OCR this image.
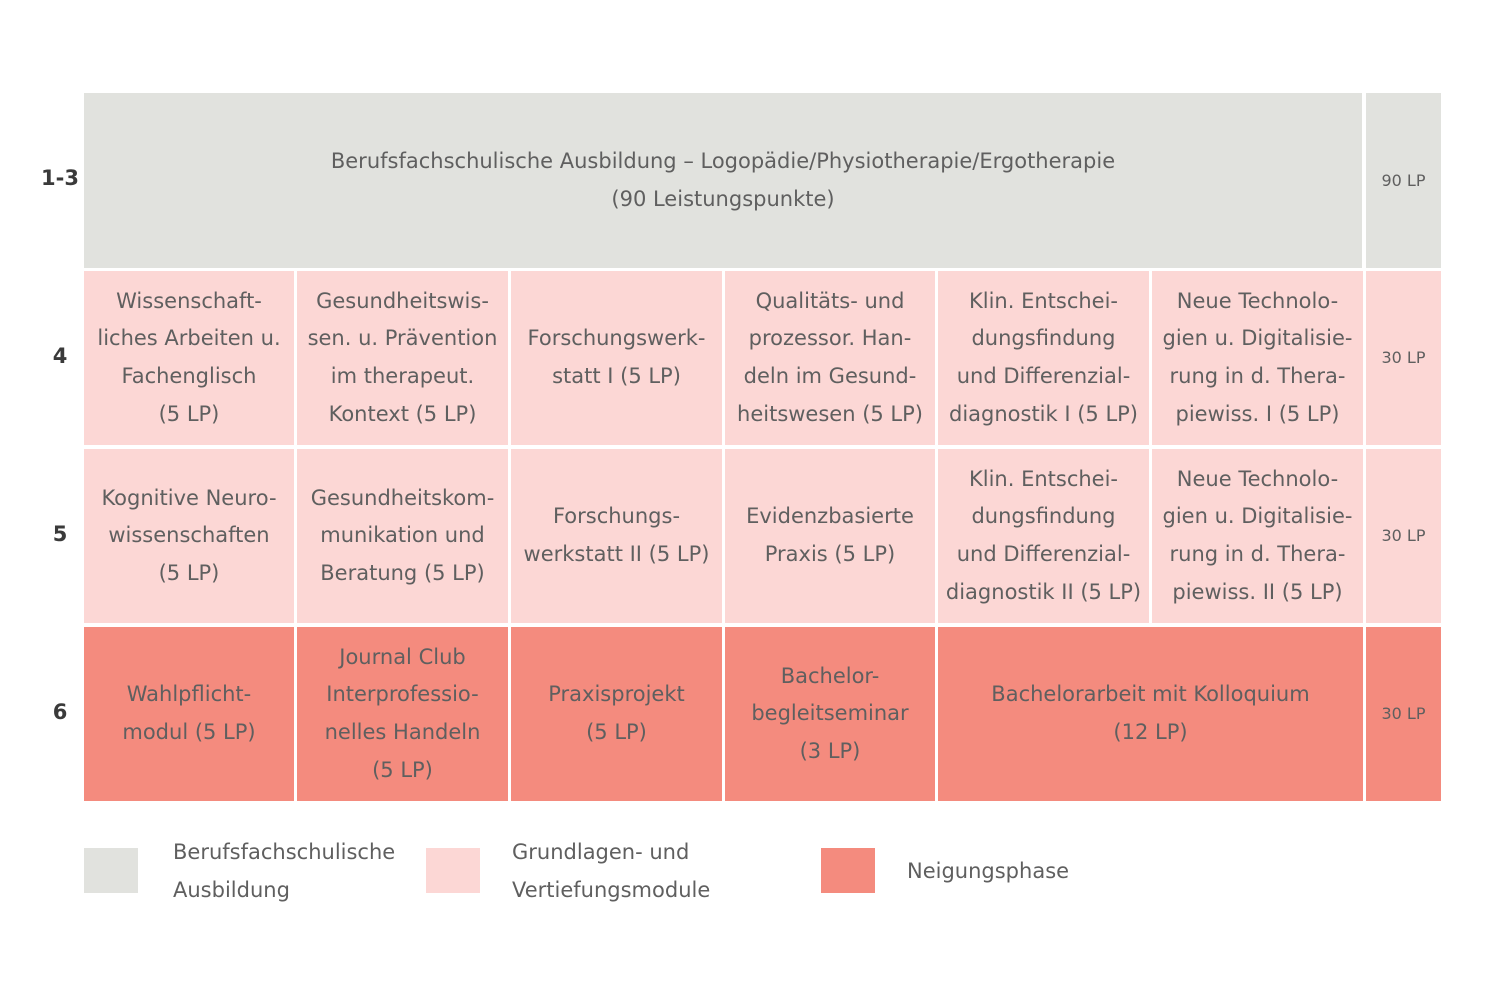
1-3
4
5
6
Berufsfachschulische Ausbildung – Logopädie/Physiotherapie/Ergotherapie
(90 Leistungspunkte)
90 LP
Wissenschaft-
liches Arbeiten u.
Fachenglisch
(5 LP)
Gesundheitswis-
sen. u. Prävention
im therapeut.
Kontext (5 LP)
Forschungswerk-
statt I (5 LP)
Qualitäts- und
prozessor. Han-
deln im Gesund-
heitswesen (5 LP)
Klin. Entschei-
dungsfindung
und Differenzial-
diagnostik I (5 LP)
Neue Technolo-
gien u. Digitalisie-
rung in d. Thera-
piewiss. I (5 LP)
30 LP
Kognitive Neuro-
wissenschaften
(5 LP)
Gesundheitskom-
munikation und
Beratung (5 LP)
Forschungs-
werkstatt II (5 LP)
Evidenzbasierte
Praxis (5 LP)
Klin. Entschei-
dungsfindung
und Differenzial-
diagnostik II (5 LP)
Neue Technolo-
gien u. Digitalisie-
rung in d. Thera-
piewiss. II (5 LP)
30 LP
Wahlpflicht-
modul (5 LP)
Journal Club
Interprofessio-
nelles Handeln
(5 LP)
Praxisprojekt
(5 LP)
Bachelor-
begleitseminar
(3 LP)
Bachelorarbeit mit Kolloquium
(12 LP)
30 LP
Berufsfachschulische
Ausbildung
Grundlagen- und
Vertiefungsmodule
Neigungsphase
